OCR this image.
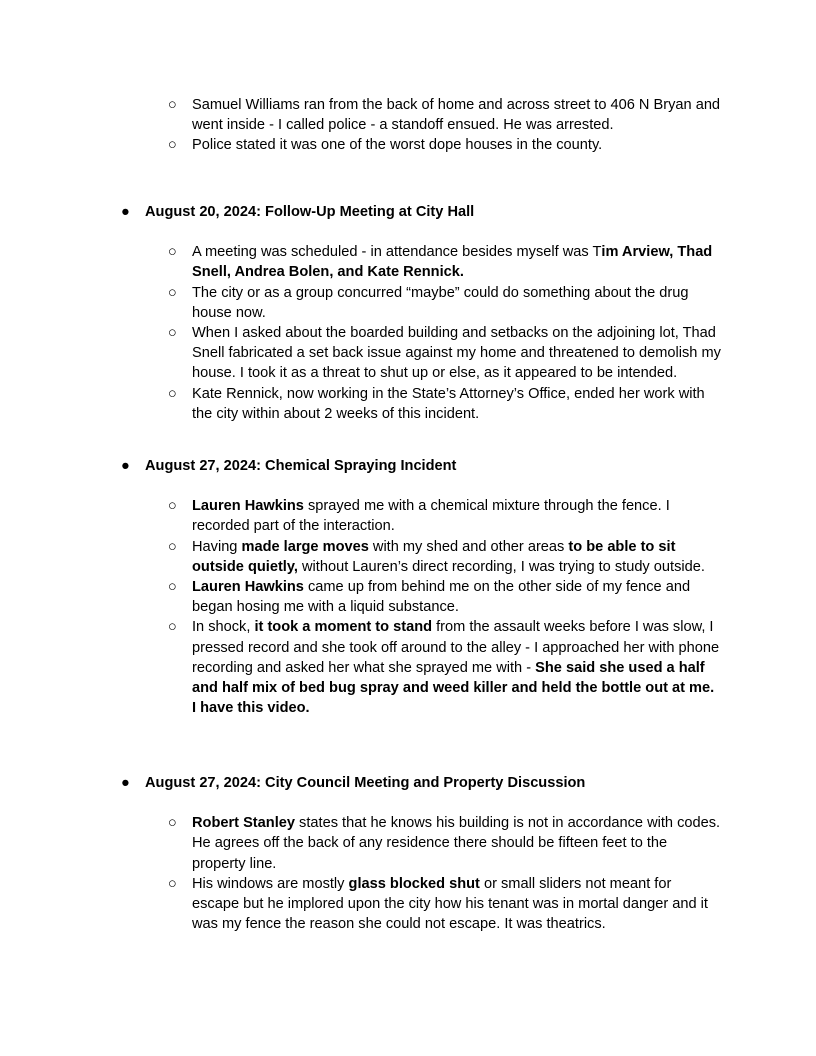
○ Samuel Williams ran from the back of home and across street to 406 N Bryan and went inside - I called police - a standoff ensued. He was arrested.
○ Police stated it was one of the worst dope houses in the county.
● August 20, 2024: Follow-Up Meeting at City Hall
○ A meeting was scheduled - in attendance besides myself was Tim Arview, Thad Snell, Andrea Bolen, and Kate Rennick.
○ The city or as a group concurred “maybe” could do something about the drug house now.
○ When I asked about the boarded building and setbacks on the adjoining lot, Thad Snell fabricated a set back issue against my home and threatened to demolish my house. I took it as a threat to shut up or else, as it appeared to be intended.
○ Kate Rennick, now working in the State’s Attorney’s Office, ended her work with the city within about 2 weeks of this incident.
● August 27, 2024: Chemical Spraying Incident
○ Lauren Hawkins sprayed me with a chemical mixture through the fence. I recorded part of the interaction.
○ Having made large moves with my shed and other areas to be able to sit outside quietly, without Lauren’s direct recording, I was trying to study outside.
○ Lauren Hawkins came up from behind me on the other side of my fence and began hosing me with a liquid substance.
○ In shock, it took a moment to stand from the assault weeks before I was slow, I pressed record and she took off around to the alley - I approached her with phone recording and asked her what she sprayed me with - She said she used a half and half mix of bed bug spray and weed killer and held the bottle out at me. I have this video.
● August 27, 2024: City Council Meeting and Property Discussion
○ Robert Stanley states that he knows his building is not in accordance with codes. He agrees off the back of any residence there should be fifteen feet to the property line.
○ His windows are mostly glass blocked shut or small sliders not meant for escape but he implored upon the city how his tenant was in mortal danger and it was my fence the reason she could not escape. It was theatrics.
